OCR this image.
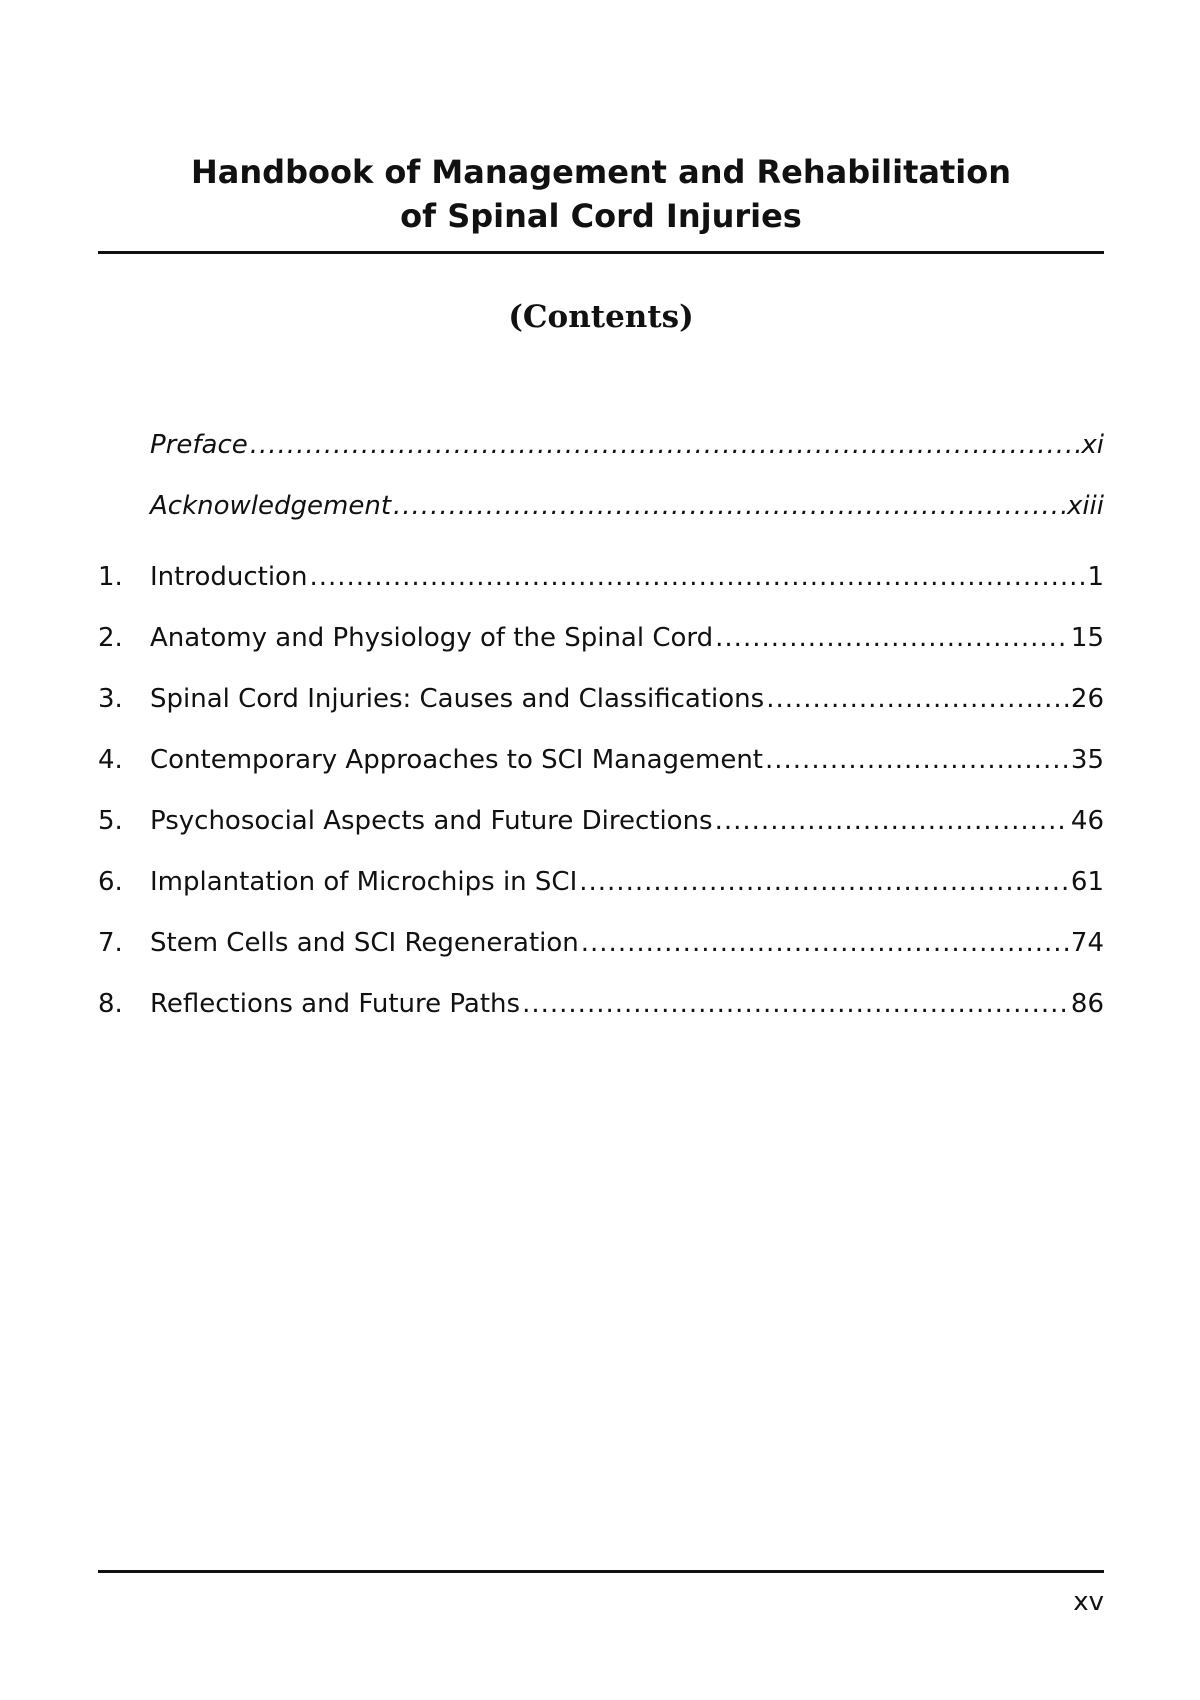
Handbook of Management and Rehabilitation
of Spinal Cord Injuries
(Contents)
Preface .....	xi
Acknowledgement .....	xiii
1.	Introduction .....	1
2.	Anatomy and Physiology of the Spinal Cord .....	15
3.	Spinal Cord Injuries: Causes and Classifications .....	26
4.	Contemporary Approaches to SCI Management .....	35
5.	Psychosocial Aspects and Future Directions .....	46
6.	Implantation of Microchips in SCI .....	61
7.	Stem Cells and SCI Regeneration .....	74
8.	Reflections and Future Paths .....	86
xv
